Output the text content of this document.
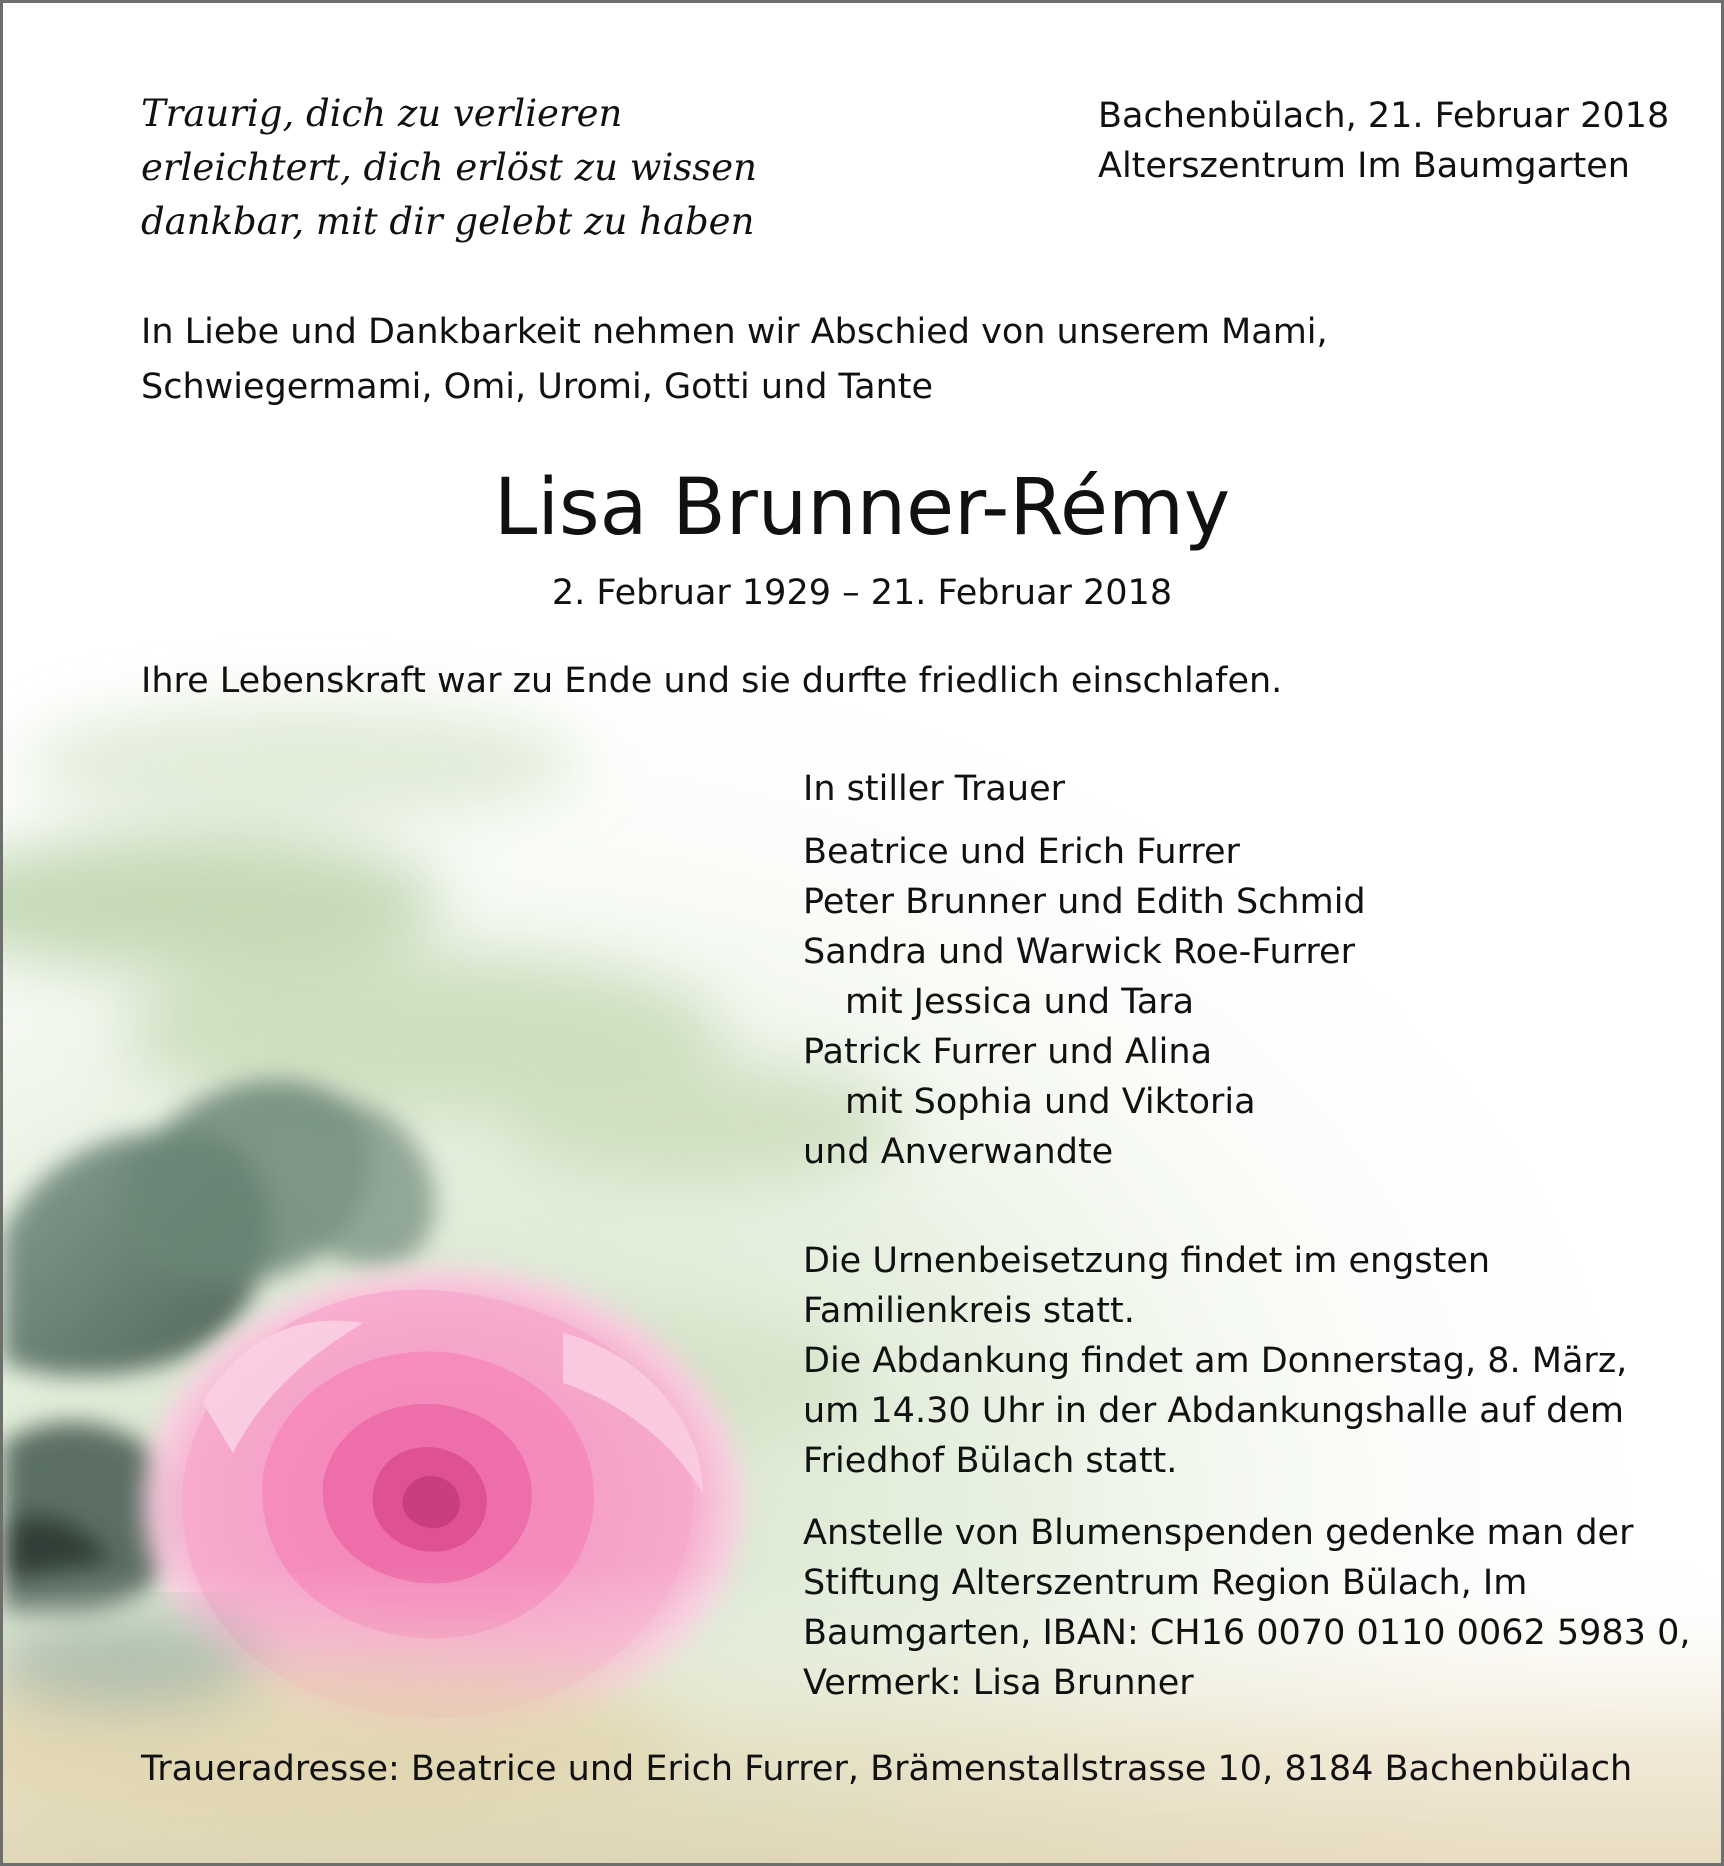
Traurig, dich zu verlieren
erleichtert, dich erlöst zu wissen
dankbar, mit dir gelebt zu haben
Bachenbülach, 21. Februar 2018
Alterszentrum Im Baumgarten
In Liebe und Dankbarkeit nehmen wir Abschied von unserem Mami,
Schwiegermami, Omi, Uromi, Gotti und Tante
Lisa Brunner-Rémy
2. Februar 1929 – 21. Februar 2018
Ihre Lebenskraft war zu Ende und sie durfte friedlich einschlafen.
In stiller Trauer
Beatrice und Erich Furrer
Peter Brunner und Edith Schmid
Sandra und Warwick Roe-Furrer
mit Jessica und Tara
Patrick Furrer und Alina
mit Sophia und Viktoria
und Anverwandte
Die Urnenbeisetzung findet im engsten
Familienkreis statt.
Die Abdankung findet am Donnerstag, 8. März,
um 14.30 Uhr in der Abdankungshalle auf dem
Friedhof Bülach statt.
Anstelle von Blumenspenden gedenke man der
Stiftung Alterszentrum Region Bülach, Im
Baumgarten, IBAN: CH16 0070 0110 0062 5983 0,
Vermerk: Lisa Brunner
Traueradresse: Beatrice und Erich Furrer, Brämenstallstrasse 10, 8184 Bachenbülach
